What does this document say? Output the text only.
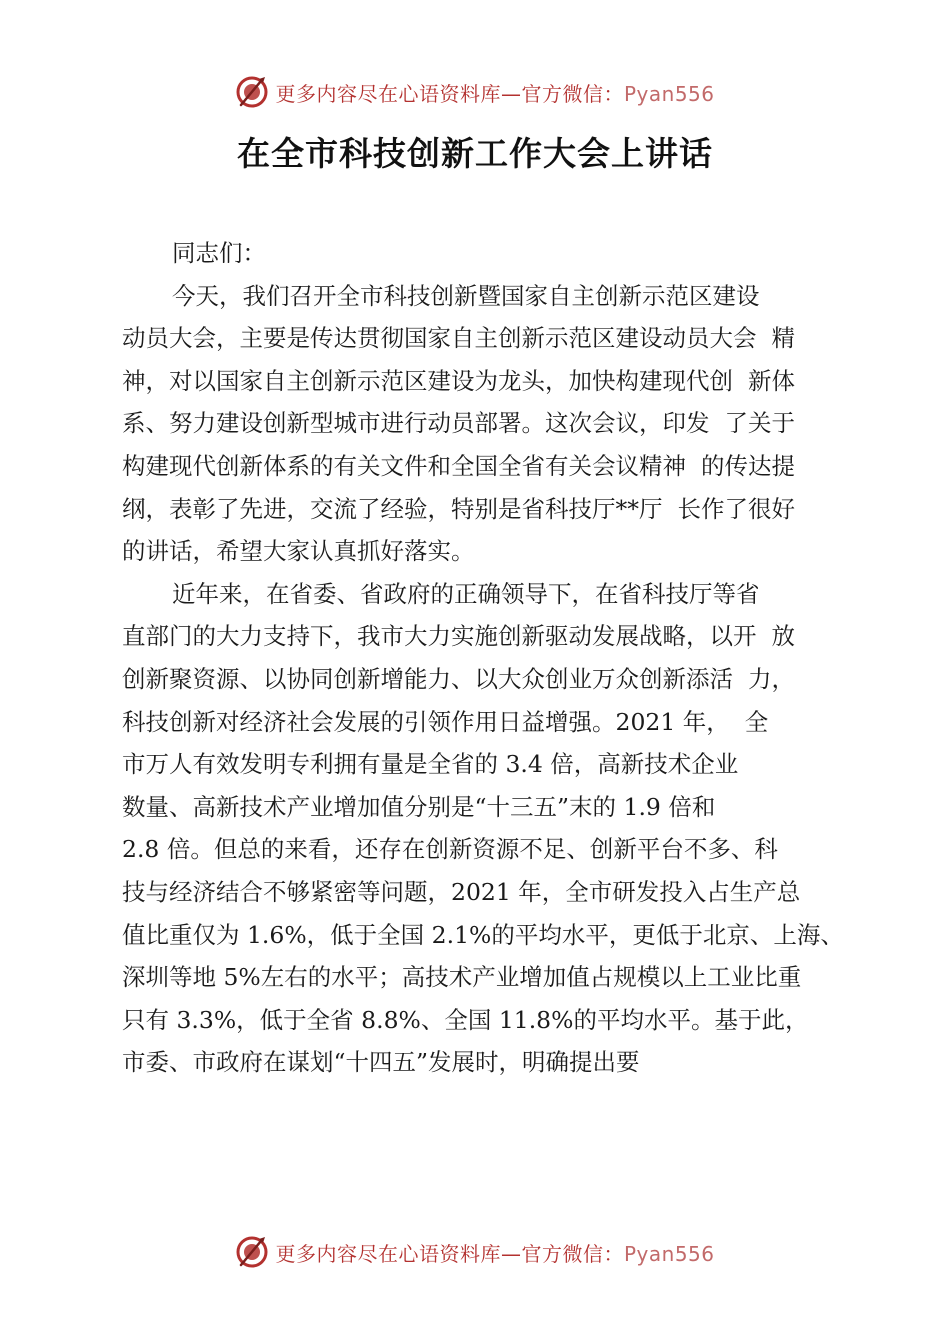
更多内容尽在心语资料库—官方微信：Pyan556
在全市科技创新工作大会上讲话
同志们：
今天，我们召开全市科技创新暨国家自主创新示范区建设
动员大会，主要是传达贯彻国家自主创新示范区建设动员大会  精
神，对以国家自主创新示范区建设为龙头，加快构建现代创  新体
系、努力建设创新型城市进行动员部署。这次会议，印发  了关于
构建现代创新体系的有关文件和全国全省有关会议精神  的传达提
纲，表彰了先进，交流了经验，特别是省科技厅**厅  长作了很好
的讲话，希望大家认真抓好落实。
近年来，在省委、省政府的正确领导下，在省科技厅等省
直部门的大力支持下，我市大力实施创新驱动发展战略，以开  放
创新聚资源、以协同创新增能力、以大众创业万众创新添活  力，
科技创新对经济社会发展的引领作用日益增强。2021 年，  全
市万人有效发明专利拥有量是全省的 3.4 倍，高新技术企业
数量、高新技术产业增加值分别是“十三五”末的 1.9 倍和
2.8 倍。但总的来看，还存在创新资源不足、创新平台不多、科
技与经济结合不够紧密等问题，2021 年，全市研发投入占生产总
值比重仅为 1.6%，低于全国 2.1%的平均水平，更低于北京、上海、
深圳等地 5%左右的水平；高技术产业增加值占规模以上工业比重
只有 3.3%，低于全省 8.8%、全国 11.8%的平均水平。基于此，
市委、市政府在谋划“十四五”发展时，明确提出要
更多内容尽在心语资料库—官方微信：Pyan556
